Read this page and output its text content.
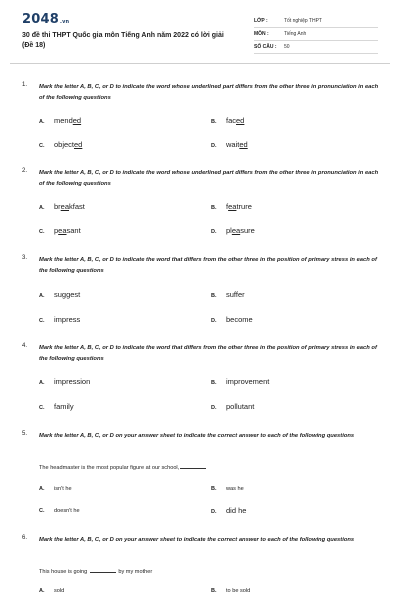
2048.vn
30 đề thi THPT Quốc gia môn Tiếng Anh năm 2022 có lời giải (Đề 18)
LỚP :	Tốt nghiệp THPT
MÔN :	Tiếng Anh
SỐ CÂU : 50
1. Mark the letter A, B, C, or D to indicate the word whose underlined part differs from the other three in pronunciation in each of the following questions
A. mended	B. faced
C. objected	D. waited
2. Mark the letter A, B, C, or D to indicate the word whose underlined part differs from the other three in pronunciation in each of the following questions
A. breakfast	B. featrure
C. peasant	D. pleasure
3. Mark the letter A, B, C, or D to indicate the word that differs from the other three in the position of primary stress in each of the following questions
A. suggest	B. suffer
C. impress	D. become
4. Mark the letter A, B, C, or D to indicate the word that differs from the other three in the position of primary stress in each of the following questions
A. impression	B. improvement
C. family	D. pollutant
5. Mark the letter A, B, C, or D on your answer sheet to indicate the correct answer to each of the following questions
The headmaster is the most popular figure at our school,
A. isn't he	B. was he
C. doesn't he	D. did he
6. Mark the letter A, B, C, or D on your answer sheet to indicate the correct answer to each of the following questions
This house is going	by my mother
A. sold	B. to be sold
